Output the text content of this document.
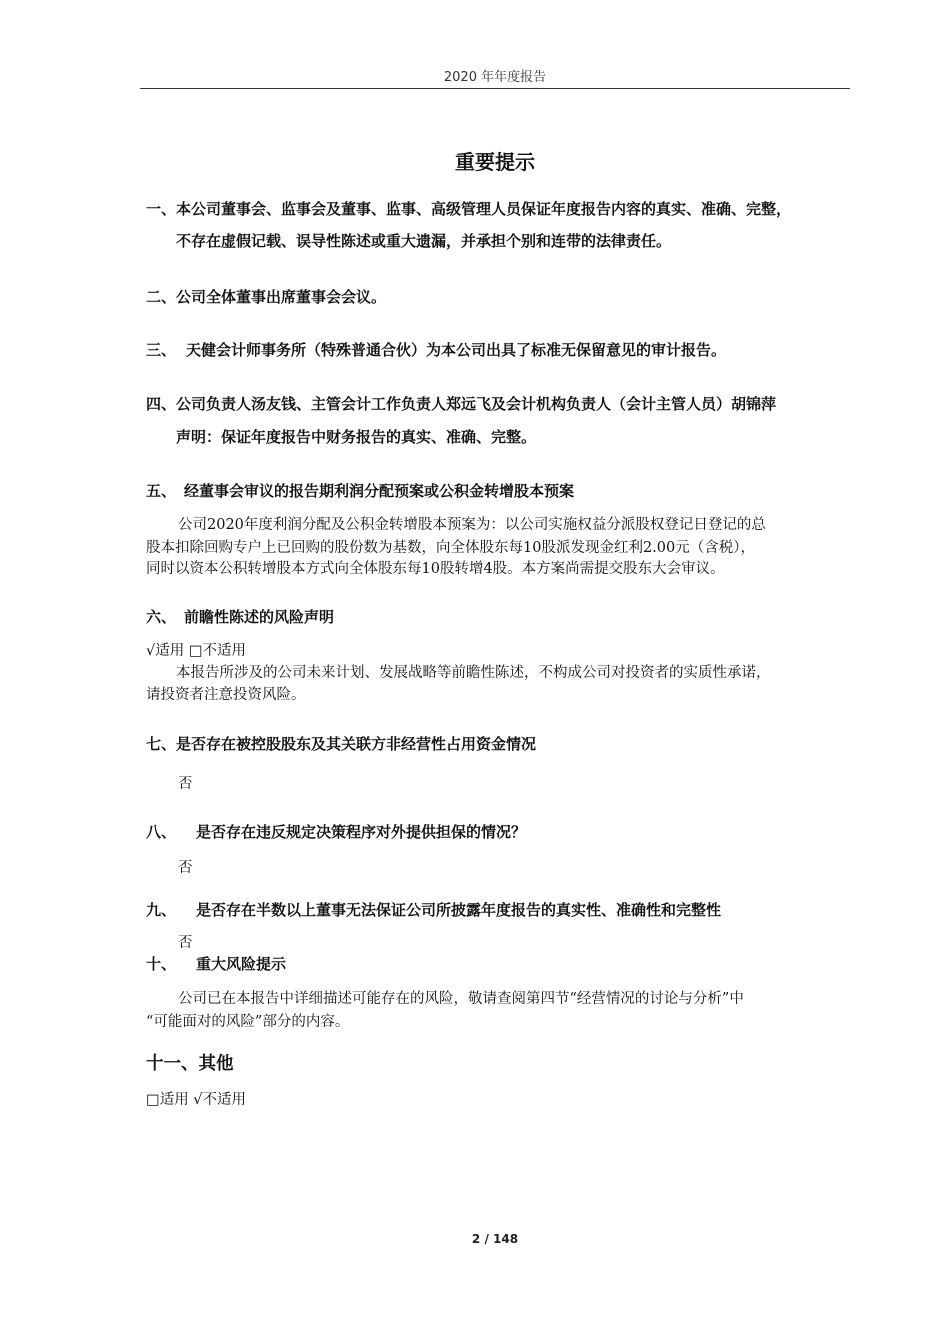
2020 年年度报告
重要提示
一、本公司董事会、监事会及董事、监事、高级管理人员保证年度报告内容的真实、准确、完整，
不存在虚假记载、误导性陈述或重大遗漏，并承担个别和连带的法律责任。
二、公司全体董事出席董事会会议。
三、 天健会计师事务所（特殊普通合伙）为本公司出具了标准无保留意见的审计报告。
四、公司负责人汤友钱、主管会计工作负责人郑远飞及会计机构负责人（会计主管人员）胡锦萍
声明：保证年度报告中财务报告的真实、准确、完整。
五、 经董事会审议的报告期利润分配预案或公积金转增股本预案
公司2020年度利润分配及公积金转增股本预案为：以公司实施权益分派股权登记日登记的总
股本扣除回购专户上已回购的股份数为基数，向全体股东每10股派发现金红利2.00元（含税），
同时以资本公积转增股本方式向全体股东每10股转增4股。本方案尚需提交股东大会审议。
六、 前瞻性陈述的风险声明
√适用 □不适用
本报告所涉及的公司未来计划、发展战略等前瞻性陈述，不构成公司对投资者的实质性承诺，
请投资者注意投资风险。
七、是否存在被控股股东及其关联方非经营性占用资金情况
否
八、 是否存在违反规定决策程序对外提供担保的情况？
否
九、 是否存在半数以上董事无法保证公司所披露年度报告的真实性、准确性和完整性
否
十、 重大风险提示
公司已在本报告中详细描述可能存在的风险，敬请查阅第四节“经营情况的讨论与分析”中
“可能面对的风险”部分的内容。
十一、其他
□适用 √不适用
2 / 148
